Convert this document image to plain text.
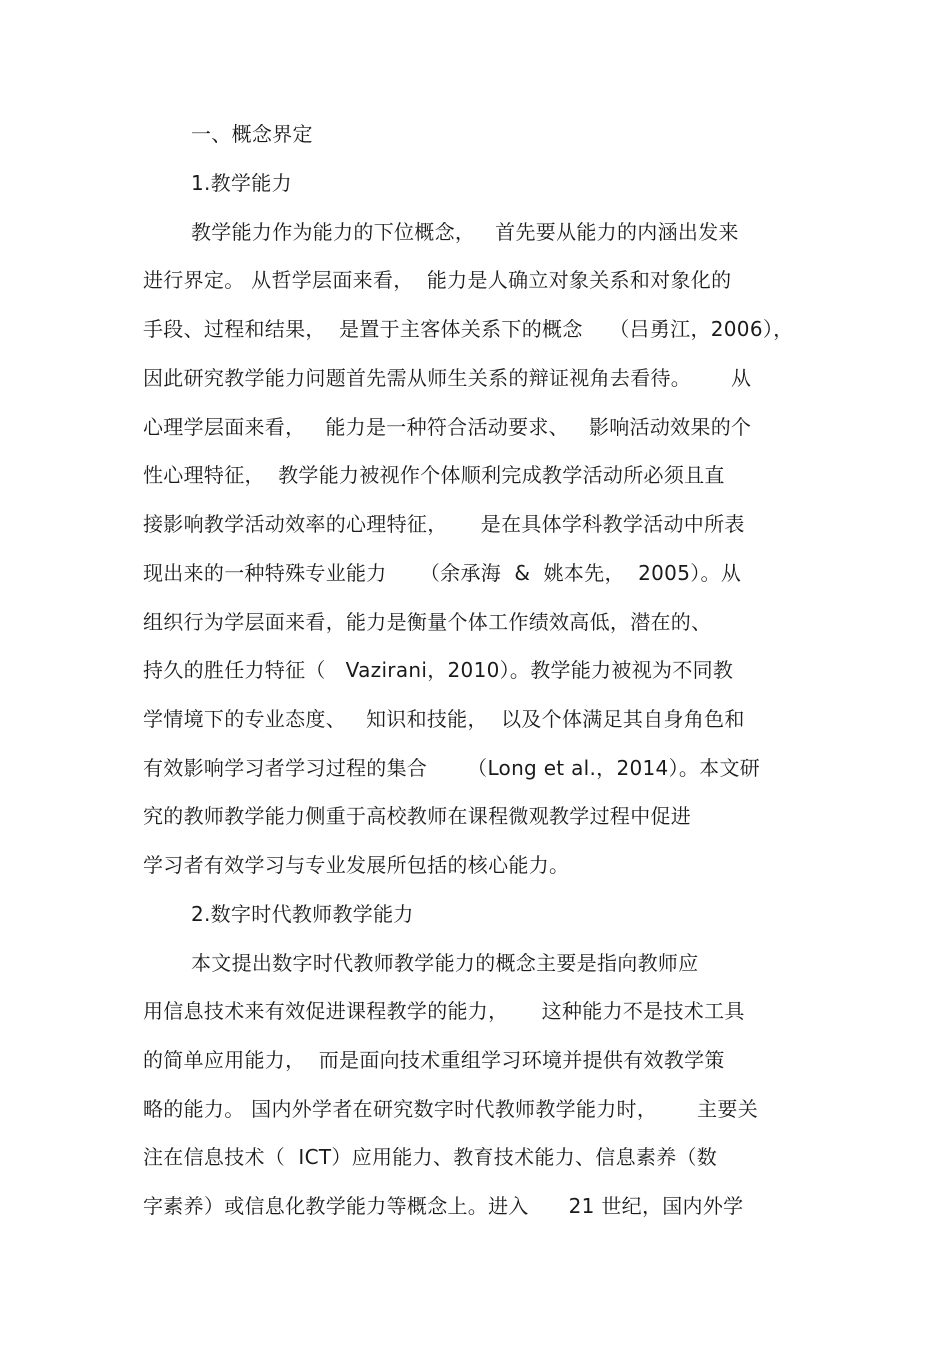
一、概念界定
1.教学能力
教学能力作为能力的下位概念，   首先要从能力的内涵出发来
进行界定。 从哲学层面来看，  能力是人确立对象关系和对象化的
手段、过程和结果，  是置于主客体关系下的概念    （吕勇江，2006），
因此研究教学能力问题首先需从师生关系的辩证视角去看待。      从
心理学层面来看，   能力是一种符合活动要求、   影响活动效果的个
性心理特征，  教学能力被视作个体顺利完成教学活动所必须且直
接影响教学活动效率的心理特征，     是在具体学科教学活动中所表
现出来的一种特殊专业能力     （余承海  &  姚本先，  2005）。从
组织行为学层面来看，能力是衡量个体工作绩效高低，潜在的、
持久的胜任力特征（   Vazirani，2010）。教学能力被视为不同教
学情境下的专业态度、   知识和技能，  以及个体满足其自身角色和
有效影响学习者学习过程的集合      （Long et al.，2014）。本文研
究的教师教学能力侧重于高校教师在课程微观教学过程中促进
学习者有效学习与专业发展所包括的核心能力。
2.数字时代教师教学能力
本文提出数字时代教师教学能力的概念主要是指向教师应
用信息技术来有效促进课程教学的能力，     这种能力不是技术工具
的简单应用能力，  而是面向技术重组学习环境并提供有效教学策
略的能力。 国内外学者在研究数字时代教师教学能力时，      主要关
注在信息技术（  ICT）应用能力、教育技术能力、信息素养（数
字素养）或信息化教学能力等概念上。进入      21 世纪，国内外学
